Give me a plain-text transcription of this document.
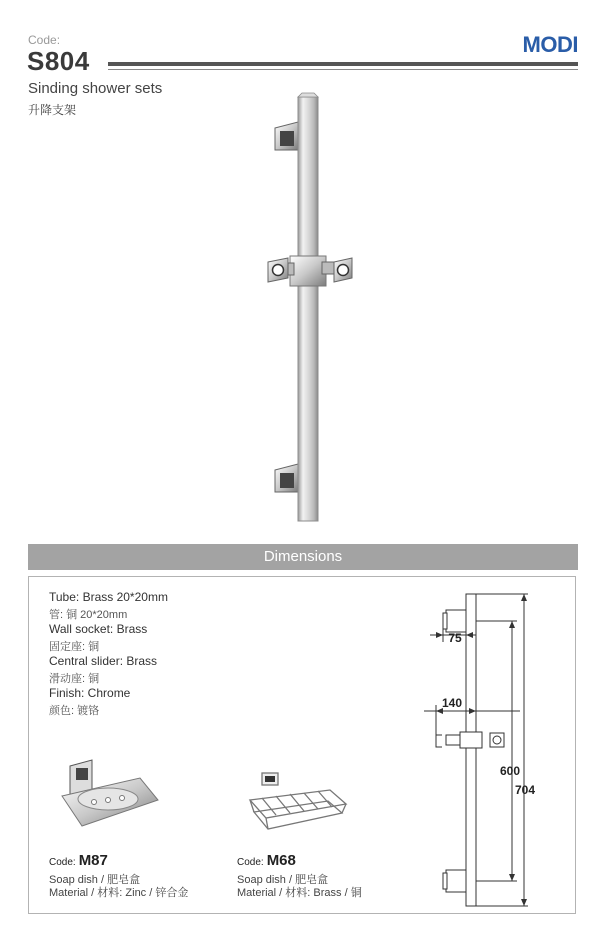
Code:
S804
MODI
Sinding shower sets
升降支架
Dimensions
Tube: Brass 20*20mm
管: 铜 20*20mm
Wall socket: Brass
固定座: 铜
Central slider: Brass
滑动座: 铜
Finish: Chrome
颜色: 镀铬
Code: M87
Soap dish / 肥皂盒
Material / 材料: Zinc / 锌合金
Code: M68
Soap dish / 肥皂盒
Material / 材料: Brass / 铜
75
140
600
704
